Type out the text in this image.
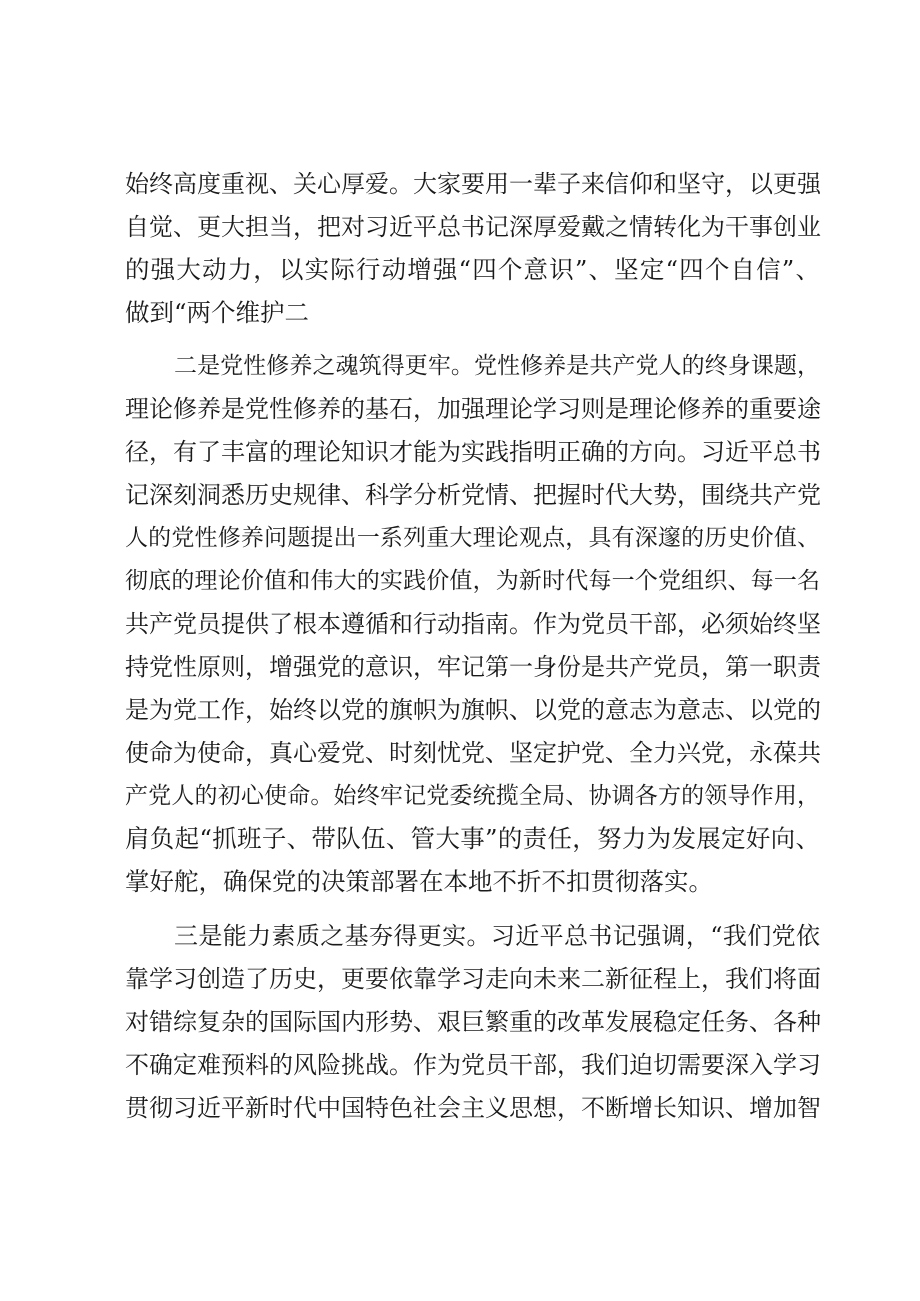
始终高度重视、关心厚爱。大家要用一辈子来信仰和坚守，以更强
自觉、更大担当，把对习近平总书记深厚爱戴之情转化为干事创业
的强大动力，以实际行动增强“四个意识”、坚定“四个自信”、
做到“两个维护二
二是党性修养之魂筑得更牢。党性修养是共产党人的终身课题，
理论修养是党性修养的基石，加强理论学习则是理论修养的重要途
径，有了丰富的理论知识才能为实践指明正确的方向。习近平总书
记深刻洞悉历史规律、科学分析党情、把握时代大势，围绕共产党
人的党性修养问题提出一系列重大理论观点，具有深邃的历史价值、
彻底的理论价值和伟大的实践价值，为新时代每一个党组织、每一名
共产党员提供了根本遵循和行动指南。作为党员干部，必须始终坚
持党性原则，增强党的意识，牢记第一身份是共产党员，第一职责
是为党工作，始终以党的旗帜为旗帜、以党的意志为意志、以党的
使命为使命，真心爱党、时刻忧党、坚定护党、全力兴党，永葆共
产党人的初心使命。始终牢记党委统揽全局、协调各方的领导作用，
肩负起“抓班子、带队伍、管大事”的责任，努力为发展定好向、
掌好舵，确保党的决策部署在本地不折不扣贯彻落实。
三是能力素质之基夯得更实。习近平总书记强调，“我们党依
靠学习创造了历史，更要依靠学习走向未来二新征程上，我们将面
对错综复杂的国际国内形势、艰巨繁重的改革发展稳定任务、各种
不确定难预料的风险挑战。作为党员干部，我们迫切需要深入学习
贯彻习近平新时代中国特色社会主义思想，不断增长知识、增加智
